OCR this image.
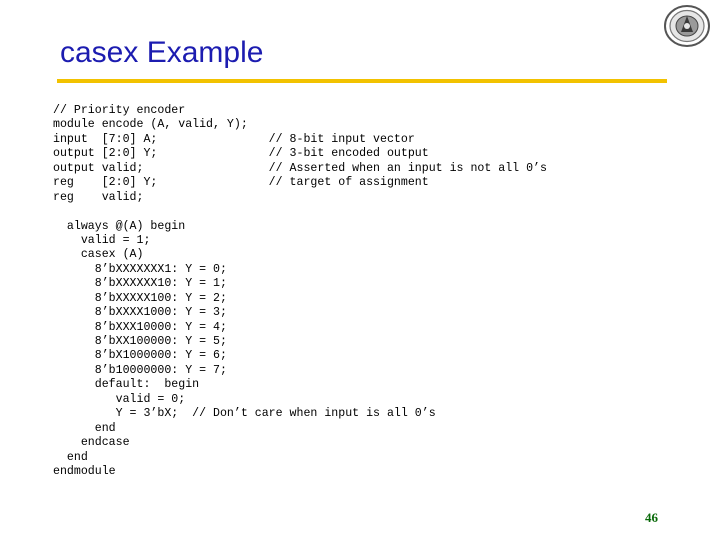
casex Example
// Priority encoder
module encode (A, valid, Y);
input  [7:0] A;                // 8-bit input vector
output [2:0] Y;                // 3-bit encoded output
output valid;                  // Asserted when an input is not all 0’s
reg    [2:0] Y;                // target of assignment
reg    valid;
always @(A) begin
valid = 1;
casex (A)
8’bXXXXXXX1: Y = 0;
8’bXXXXXX10: Y = 1;
8’bXXXXX100: Y = 2;
8’bXXXX1000: Y = 3;
8’bXXX10000: Y = 4;
8’bXX100000: Y = 5;
8’bX1000000: Y = 6;
8’b10000000: Y = 7;
default:  begin
valid = 0;
Y = 3’bX;  // Don’t care when input is all 0’s
end
endcase
end
endmodule
46
